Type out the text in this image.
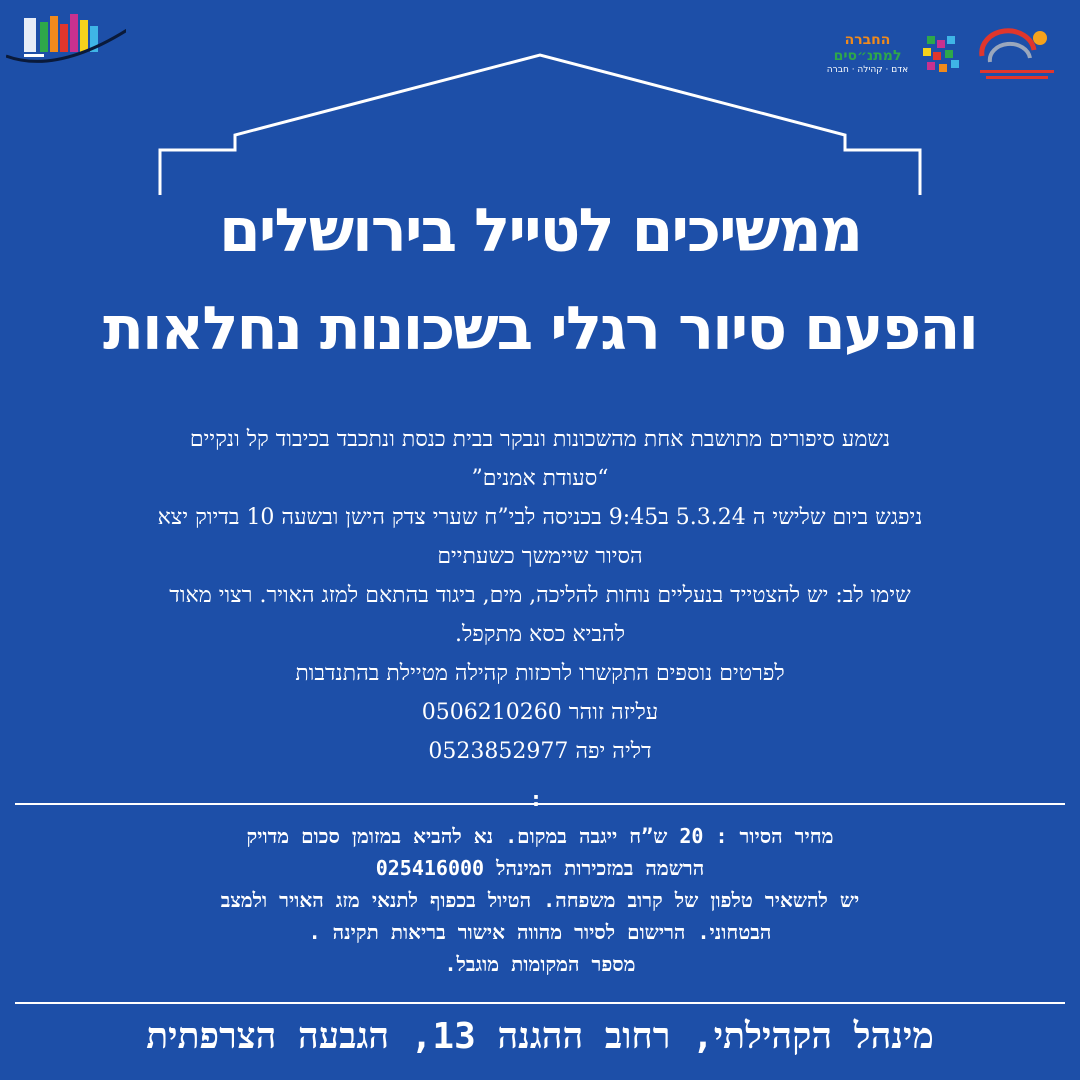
החברה
למתנ״סים
אדם · קהילה · חברה
ממשיכים לטייל בירושלים
והפעם סיור רגלי בשכונות נחלאות
נשמע סיפורים מתושבת אחת מהשכונות ונבקר בבית כנסת ונתכבד בכיבוד קל ונקיים
“סעודת אמנים”
ניפגש ביום שלישי ה 5.3.24 ב9:45 בכניסה לבי”ח שערי צדק הישן ובשעה 10 בדיוק יצא
הסיור שיימשך כשעתיים
שימו לב: יש להצטייד בנעליים נוחות להליכה, מים, ביגוד בהתאם למזג האויר. רצוי מאוד
להביא כסא מתקפל.
לפרטים נוספים התקשרו לרכזות קהילה מטיילת בהתנדבות
עליזה זוהר 0506210260
דליה יפה 0523852977
:
מחיר הסיור : 20 ש”ח ייגבה במקום. נא להביא במזומן סכום מדויק
הרשמה במזכירות המינהל 025416000
יש להשאיר טלפון של קרוב משפחה. הטיול בכפוף לתנאי מזג האויר ולמצב
הבטחוני. הרישום לסיור מהווה אישור בריאות תקינה .
מספר המקומות מוגבל.
מינהל הקהילתי, רחוב ההגנה 13, הגבעה הצרפתית
